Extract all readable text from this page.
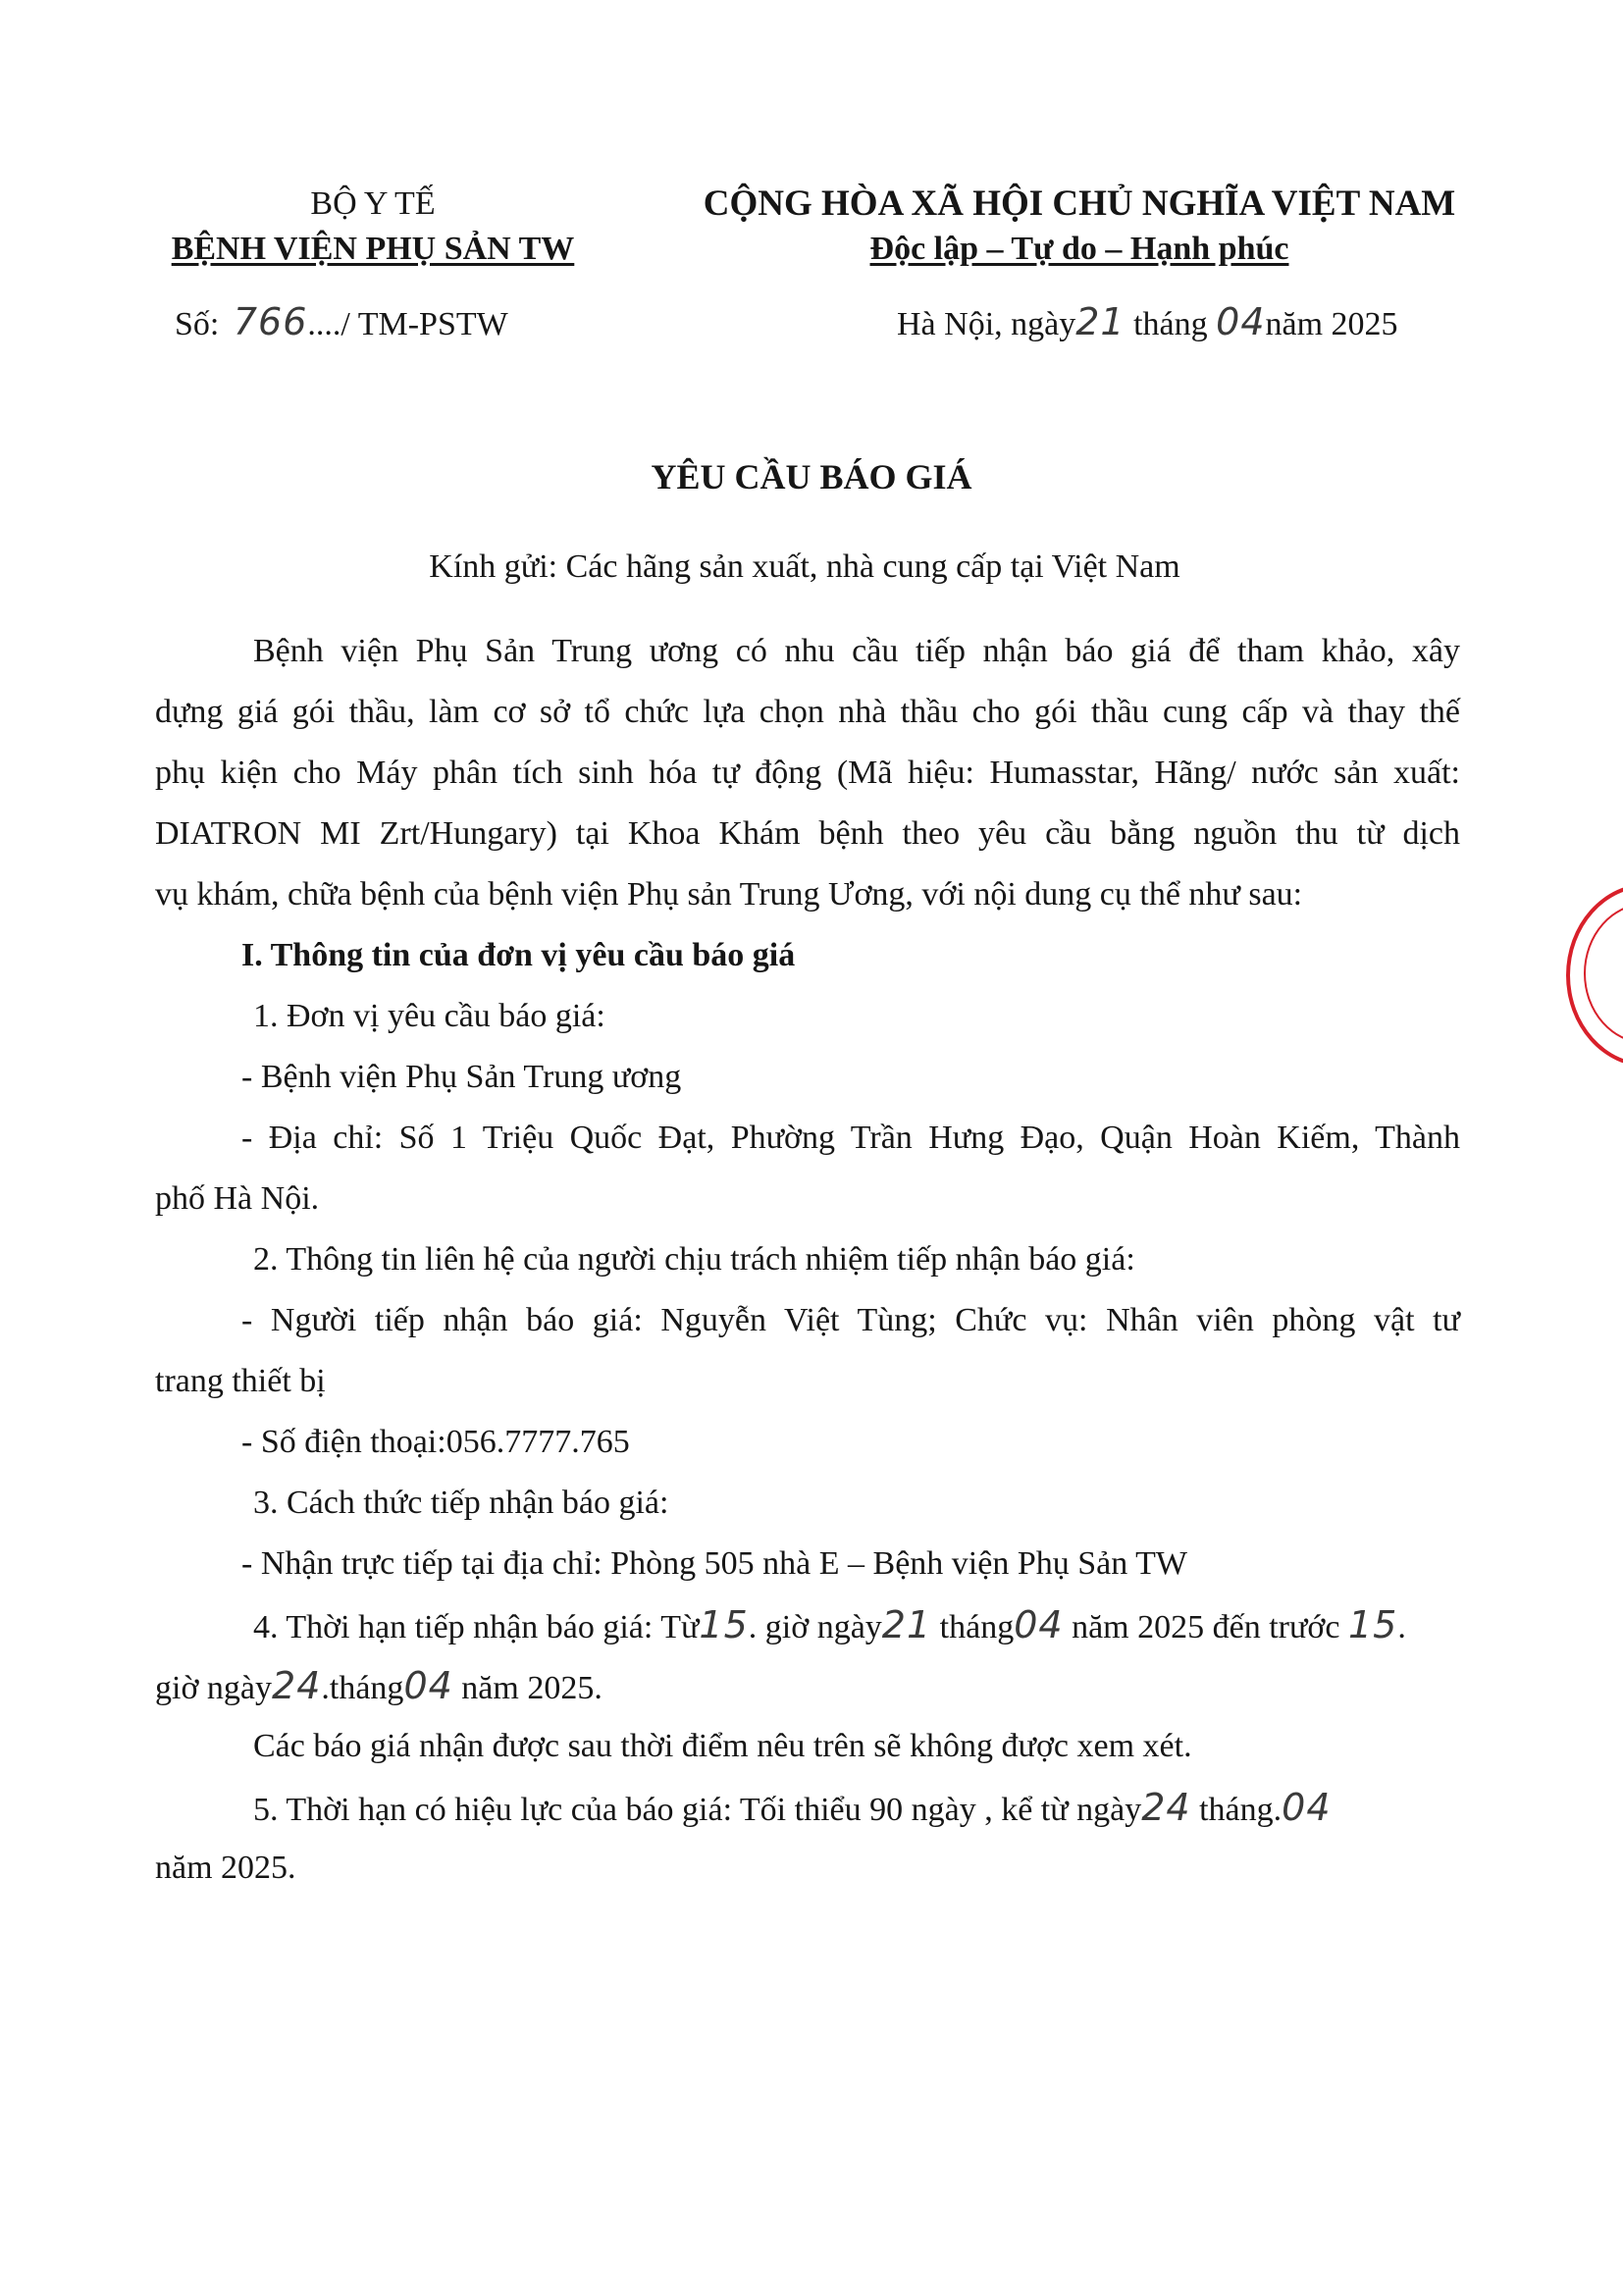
BỘ Y TẾ
BỆNH VIỆN PHỤ SẢN TW
CỘNG HÒA XÃ HỘI CHỦ NGHĨA VIỆT NAM
Độc lập – Tự do – Hạnh phúc
Số: 766..../ TM-PSTW	Hà Nội, ngày21 tháng 04năm 2025
YÊU CẦU BÁO GIÁ
Kính gửi: Các hãng sản xuất, nhà cung cấp tại Việt Nam
Bệnh viện Phụ Sản Trung ương có nhu cầu tiếp nhận báo giá để tham khảo, xây
dựng giá gói thầu, làm cơ sở tổ chức lựa chọn nhà thầu cho gói thầu cung cấp và thay thế
phụ kiện cho Máy phân tích sinh hóa tự động (Mã hiệu: Humasstar, Hãng/ nước sản xuất:
DIATRON MI Zrt/Hungary) tại Khoa Khám bệnh theo yêu cầu bằng nguồn thu từ dịch
vụ khám, chữa bệnh của bệnh viện Phụ sản Trung Ương, với nội dung cụ thể như sau:
I. Thông tin của đơn vị yêu cầu báo giá
1. Đơn vị yêu cầu báo giá:
- Bệnh viện Phụ Sản Trung ương
- Địa chỉ: Số 1 Triệu Quốc Đạt, Phường Trần Hưng Đạo, Quận Hoàn Kiếm, Thành
phố Hà Nội.
2. Thông tin liên hệ của người chịu trách nhiệm tiếp nhận báo giá:
- Người tiếp nhận báo giá: Nguyễn Việt Tùng; Chức vụ: Nhân viên phòng vật tư
trang thiết bị
- Số điện thoại:056.7777.765
3. Cách thức tiếp nhận báo giá:
- Nhận trực tiếp tại địa chỉ: Phòng 505 nhà E – Bệnh viện Phụ Sản TW
4. Thời hạn tiếp nhận báo giá: Từ15. giờ ngày21 tháng04 năm 2025 đến trước 15.
giờ ngày24.tháng04 năm 2025.
Các báo giá nhận được sau thời điểm nêu trên sẽ không được xem xét.
5. Thời hạn có hiệu lực của báo giá: Tối thiểu 90 ngày , kể từ ngày24 tháng.04
năm 2025.
